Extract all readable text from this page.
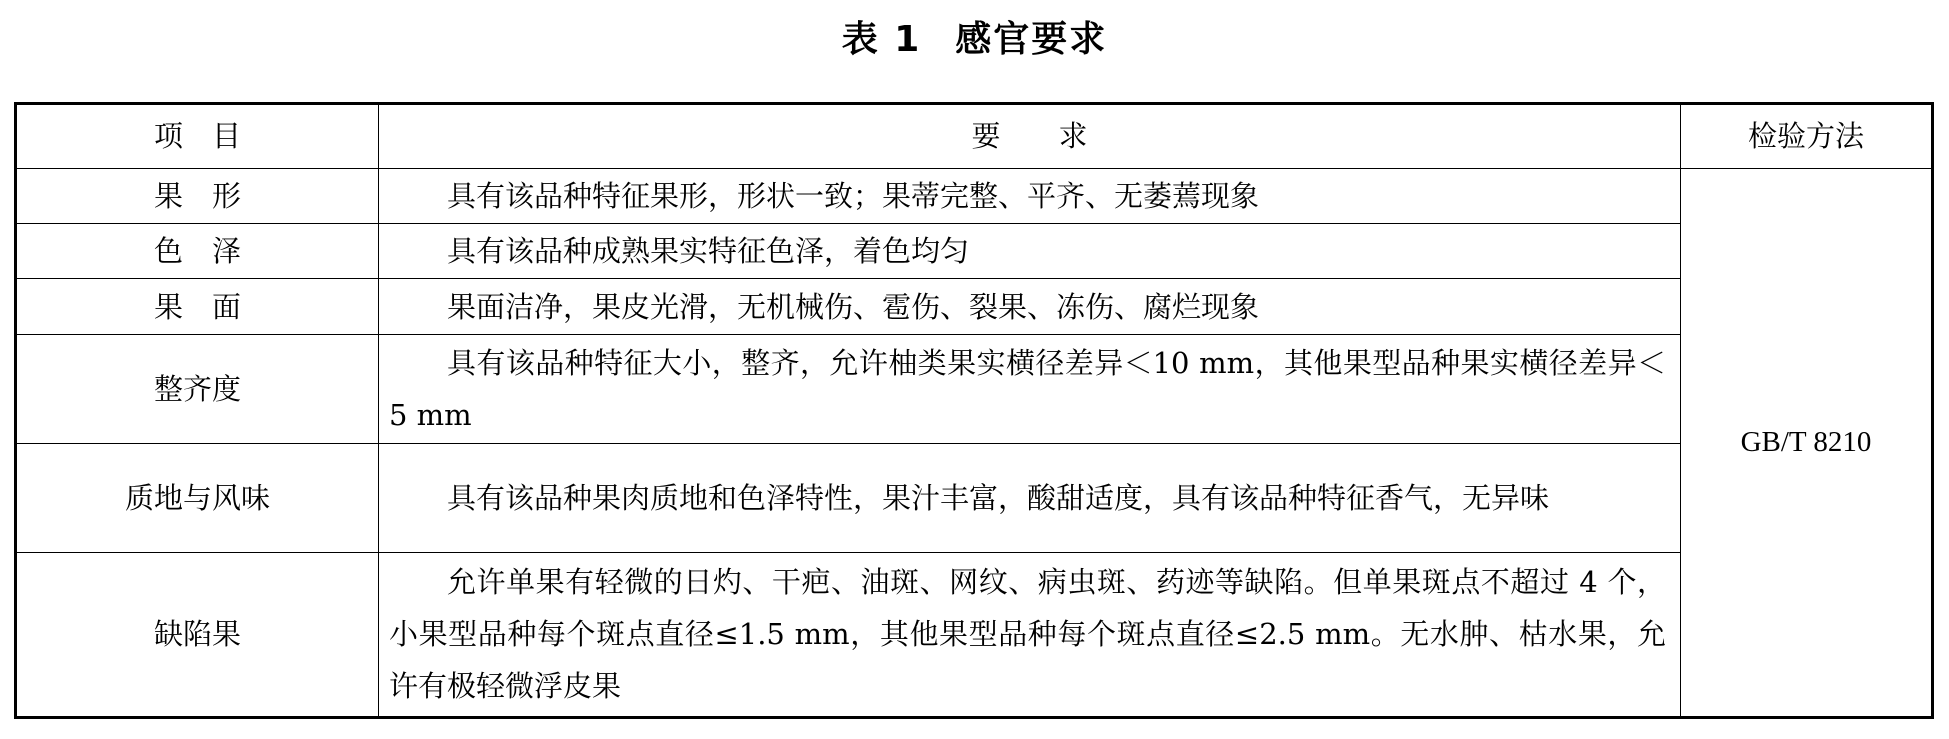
表 1 感官要求
项　目	要　　求	检验方法
果　形	具有该品种特征果形，形状一致；果蒂完整、平齐、无萎蔫现象	GB/T 8210
色　泽	具有该品种成熟果实特征色泽，着色均匀	

果　面	果面洁净，果皮光滑，无机械伤、雹伤、裂果、冻伤、腐烂现象	

整齐度	具有该品种特征大小，整齐，允许柚类果实横径差异＜10 mm，其他果型品种果实横径差异＜5 mm	

质地与风味	具有该品种果肉质地和色泽特性，果汁丰富，酸甜适度，具有该品种特征香气，无异味	

缺陷果	允许单果有轻微的日灼、干疤、油斑、网纹、病虫斑、药迹等缺陷。但单果斑点不超过 4 个，小果型品种每个斑点直径≤1.5 mm，其他果型品种每个斑点直径≤2.5 mm。无水肿、枯水果，允许有极轻微浮皮果	
